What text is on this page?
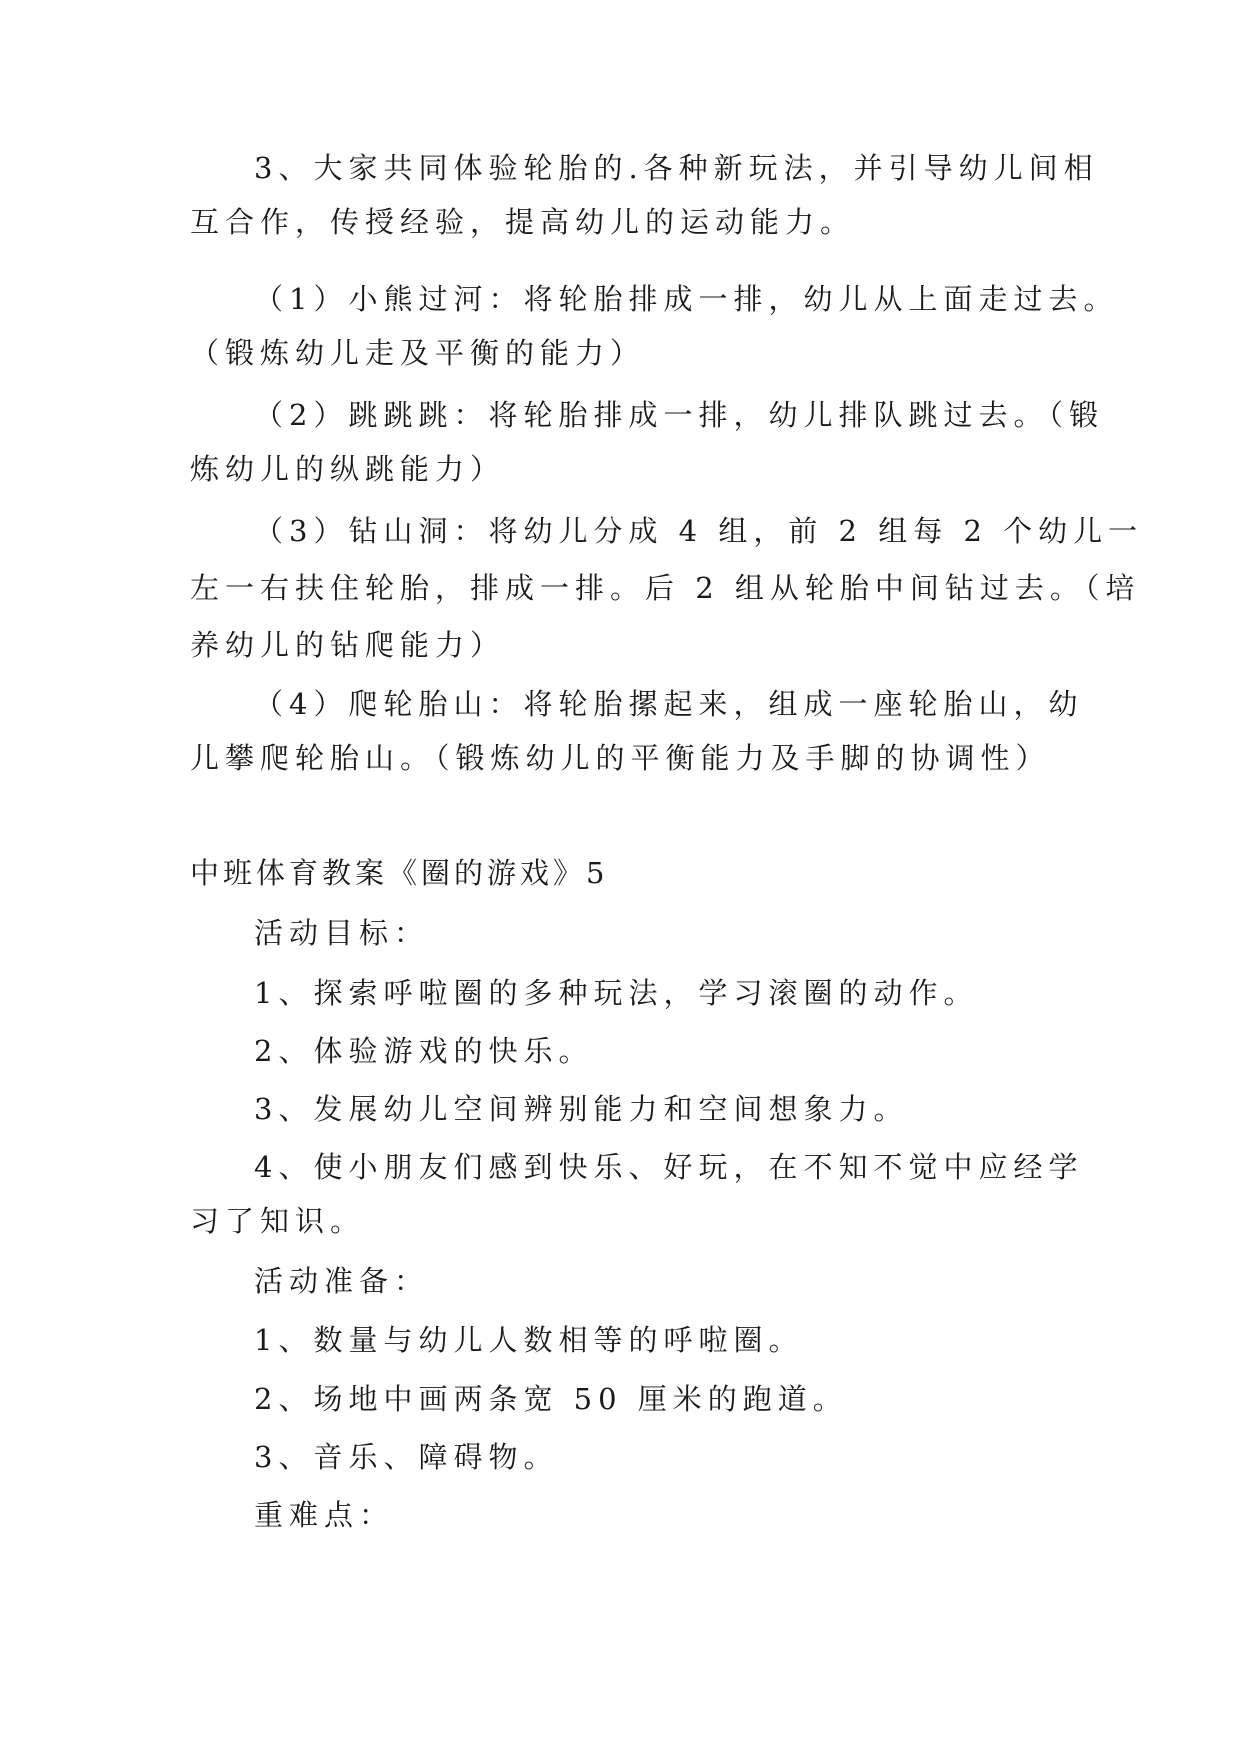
3、大家共同体验轮胎的.各种新玩法，并引导幼儿间相
互合作，传授经验，提高幼儿的运动能力。
（1）小熊过河：将轮胎排成一排，幼儿从上面走过去。
（锻炼幼儿走及平衡的能力）
（2）跳跳跳：将轮胎排成一排，幼儿排队跳过去。（锻
炼幼儿的纵跳能力）
（3）钻山洞：将幼儿分成 4 组，前 2 组每 2 个幼儿一
左一右扶住轮胎，排成一排。后 2 组从轮胎中间钻过去。（培
养幼儿的钻爬能力）
（4）爬轮胎山：将轮胎摞起来，组成一座轮胎山，幼
儿攀爬轮胎山。（锻炼幼儿的平衡能力及手脚的协调性）
中班体育教案《圈的游戏》5
活动目标：
1、探索呼啦圈的多种玩法，学习滚圈的动作。
2、体验游戏的快乐。
3、发展幼儿空间辨别能力和空间想象力。
4、使小朋友们感到快乐、好玩，在不知不觉中应经学
习了知识。
活动准备：
1、数量与幼儿人数相等的呼啦圈。
2、场地中画两条宽 50 厘米的跑道。
3、音乐、障碍物。
重难点：
